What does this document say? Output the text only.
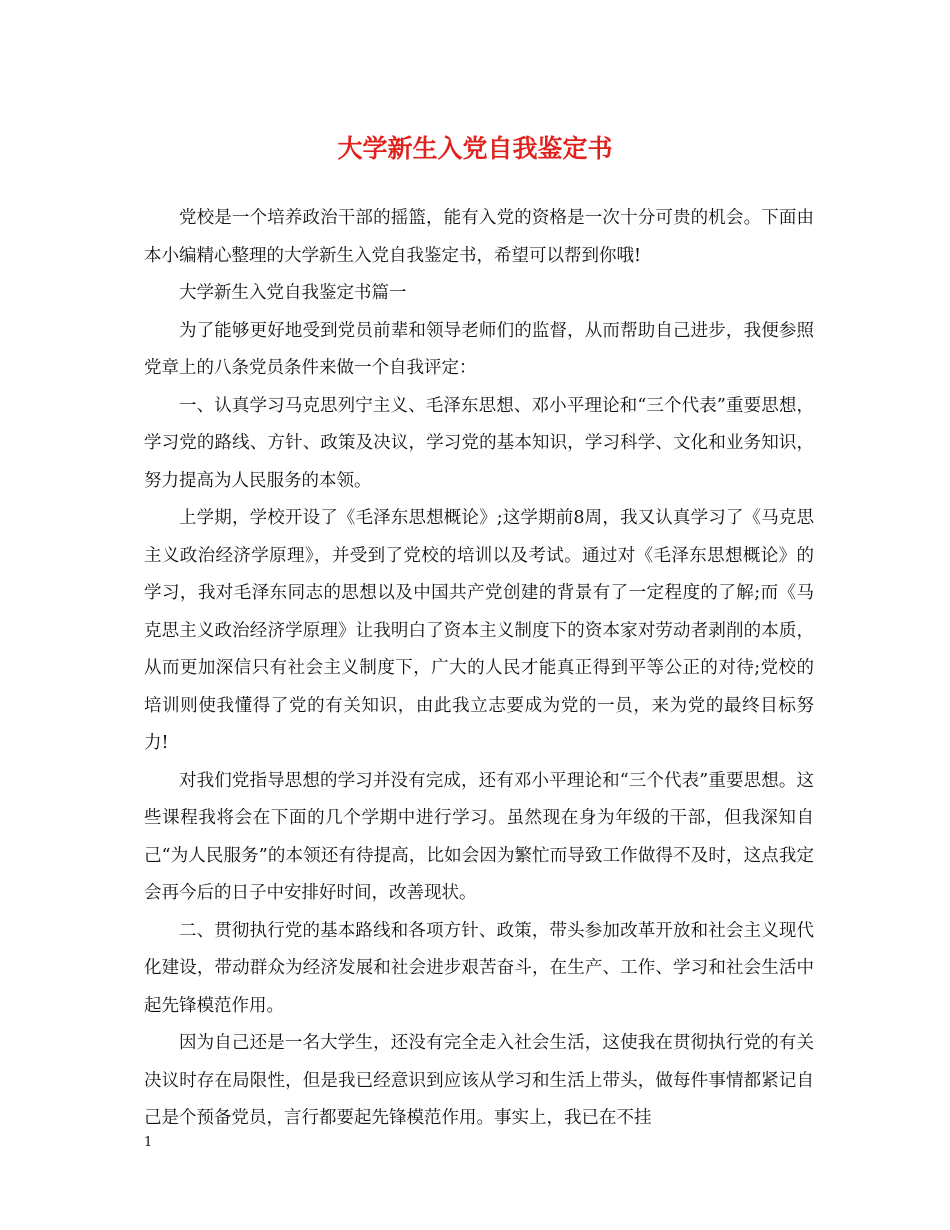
大学新生入党自我鉴定书

党校是一个培养政治干部的摇篮，能有入党的资格是一次十分可贵的机会。下面由本小编精心整理的大学新生入党自我鉴定书，希望可以帮到你哦!

大学新生入党自我鉴定书篇一

为了能够更好地受到党员前辈和领导老师们的监督，从而帮助自己进步，我便参照党章上的八条党员条件来做一个自我评定：

一、认真学习马克思列宁主义、毛泽东思想、邓小平理论和“三个代表”重要思想，学习党的路线、方针、政策及决议，学习党的基本知识，学习科学、文化和业务知识，努力提高为人民服务的本领。

上学期，学校开设了《毛泽东思想概论》;这学期前8周，我又认真学习了《马克思主义政治经济学原理》，并受到了党校的培训以及考试。通过对《毛泽东思想概论》的学习，我对毛泽东同志的思想以及中国共产党创建的背景有了一定程度的了解;而《马克思主义政治经济学原理》让我明白了资本主义制度下的资本家对劳动者剥削的本质，从而更加深信只有社会主义制度下，广大的人民才能真正得到平等公正的对待;党校的培训则使我懂得了党的有关知识，由此我立志要成为党的一员，来为党的最终目标努力!

对我们党指导思想的学习并没有完成，还有邓小平理论和“三个代表”重要思想。这些课程我将会在下面的几个学期中进行学习。虽然现在身为年级的干部，但我深知自己“为人民服务”的本领还有待提高，比如会因为繁忙而导致工作做得不及时，这点我定会再今后的日子中安排好时间，改善现状。

二、贯彻执行党的基本路线和各项方针、政策，带头参加改革开放和社会主义现代化建设，带动群众为经济发展和社会进步艰苦奋斗，在生产、工作、学习和社会生活中起先锋模范作用。

因为自己还是一名大学生，还没有完全走入社会生活，这使我在贯彻执行党的有关决议时存在局限性，但是我已经意识到应该从学习和生活上带头，做每件事情都紧记自己是个预备党员，言行都要起先锋模范作用。事实上，我已在不挂

1
